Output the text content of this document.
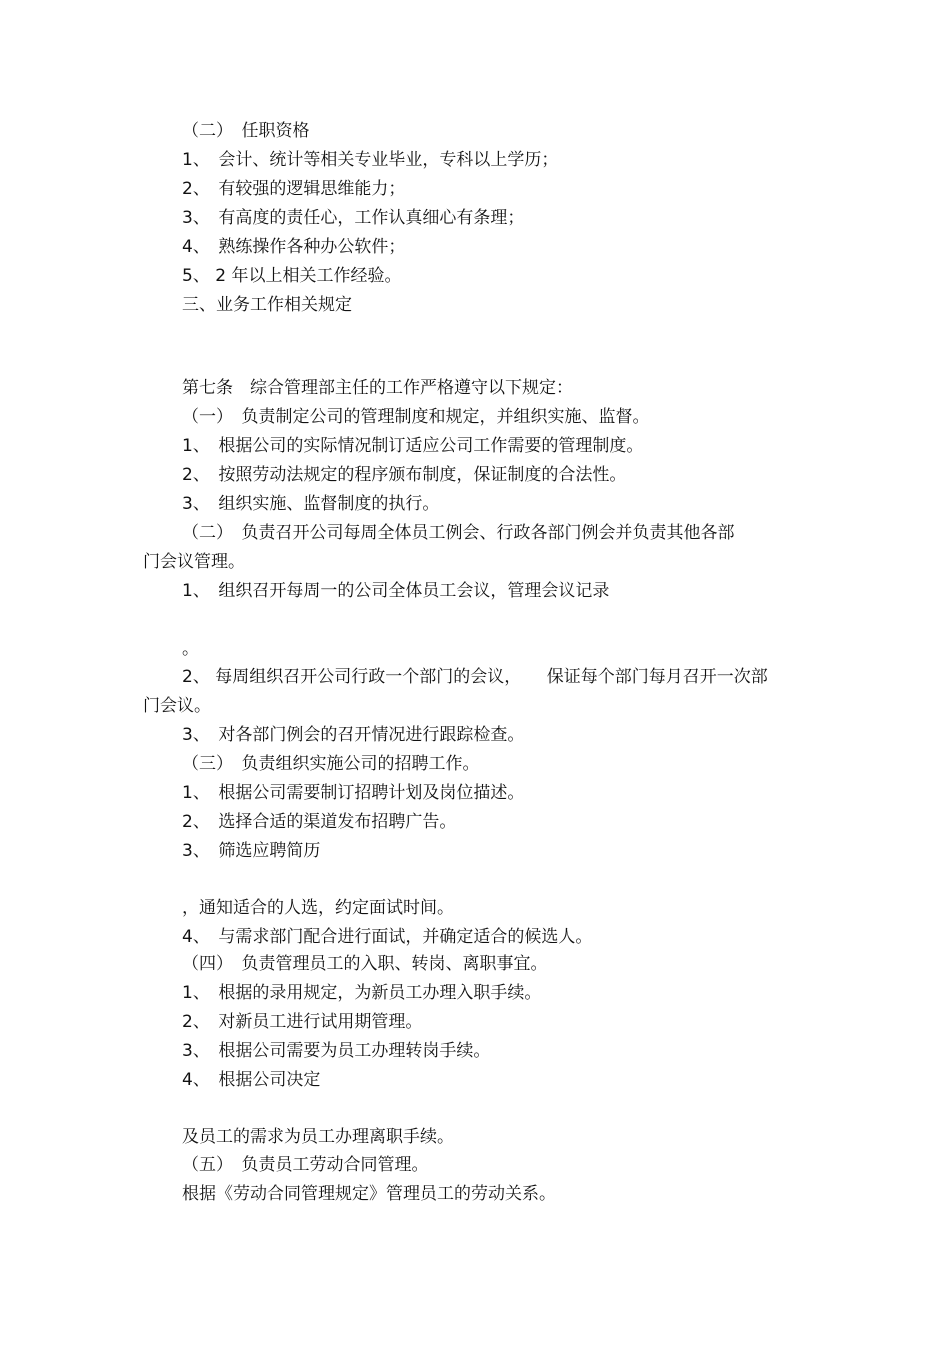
（二）　任职资格
1、　会计、统计等相关专业毕业，专科以上学历；
2、　有较强的逻辑思维能力；
3、　有高度的责任心，工作认真细心有条理；
4、　熟练操作各种办公软件；
5、 2 年以上相关工作经验。
三、业务工作相关规定
第七条　综合管理部主任的工作严格遵守以下规定：
（一）　负责制定公司的管理制度和规定，并组织实施、监督。
1、　根据公司的实际情况制订适应公司工作需要的管理制度。
2、　按照劳动法规定的程序颁布制度，保证制度的合法性。
3、　组织实施、监督制度的执行。
（二）　负责召开公司每周全体员工例会、行政各部门例会并负责其他各部
门会议管理。
1、　组织召开每周一的公司全体员工会议，管理会议记录
。
2、 每周组织召开公司行政一个部门的会议，　　保证每个部门每月召开一次部
门会议。
3、　对各部门例会的召开情况进行跟踪检查。
（三）　负责组织实施公司的招聘工作。
1、　根据公司需要制订招聘计划及岗位描述。
2、　选择合适的渠道发布招聘广告。
3、　筛选应聘简历
，通知适合的人选，约定面试时间。
4、　与需求部门配合进行面试，并确定适合的候选人。
（四）　负责管理员工的入职、转岗、离职事宜。
1、　根据的录用规定，为新员工办理入职手续。
2、　对新员工进行试用期管理。
3、　根据公司需要为员工办理转岗手续。
4、　根据公司决定
及员工的需求为员工办理离职手续。
（五）　负责员工劳动合同管理。
根据《劳动合同管理规定》管理员工的劳动关系。
